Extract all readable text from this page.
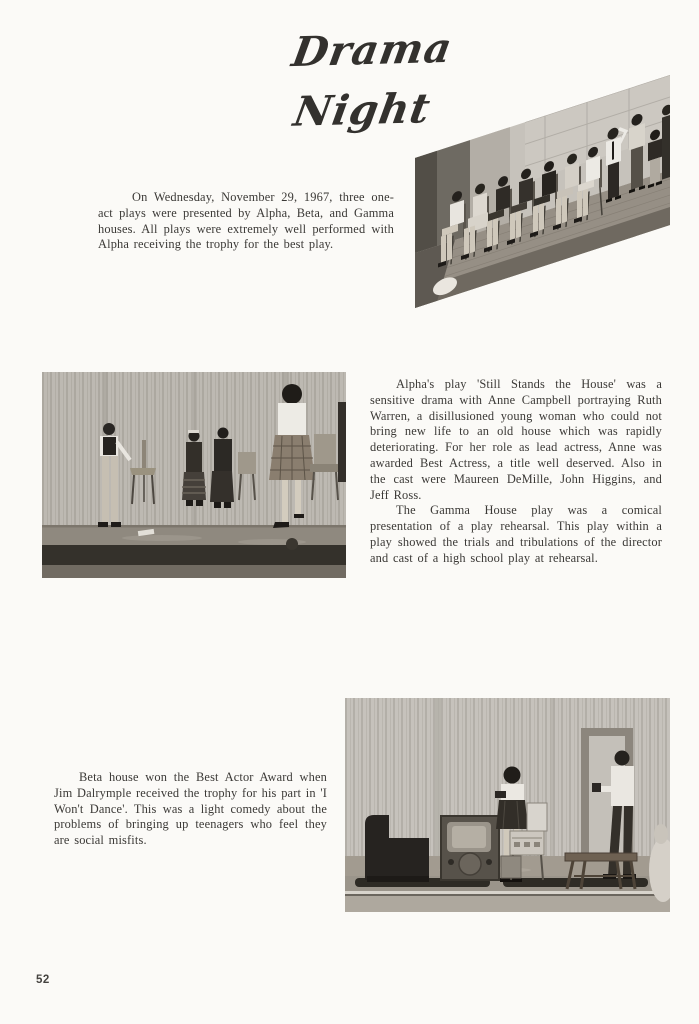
Drama Night

On Wednesday, November 29, 1967, three one-act plays were presented by Alpha, Beta, and Gamma houses. All plays were extremely well performed with Alpha receiving the trophy for the best play.

Alpha's play 'Still Stands the House' was a sensitive drama with Anne Campbell portraying Ruth Warren, a disillusioned young woman who could not bring new life to an old house which was rapidly deteriorating. For her role as lead actress, Anne was awarded Best Actress, a title well deserved. Also in the cast were Maureen DeMille, John Higgins, and Jeff Ross.

The Gamma House play was a comical presentation of a play rehearsal. This play within a play showed the trials and tribulations of the director and cast of a high school play at rehearsal.

Beta house won the Best Actor Award when Jim Dalrymple received the trophy for his part in 'I Won't Dance'. This was a light comedy about the problems of bringing up teenagers who feel they are social misfits.

52
